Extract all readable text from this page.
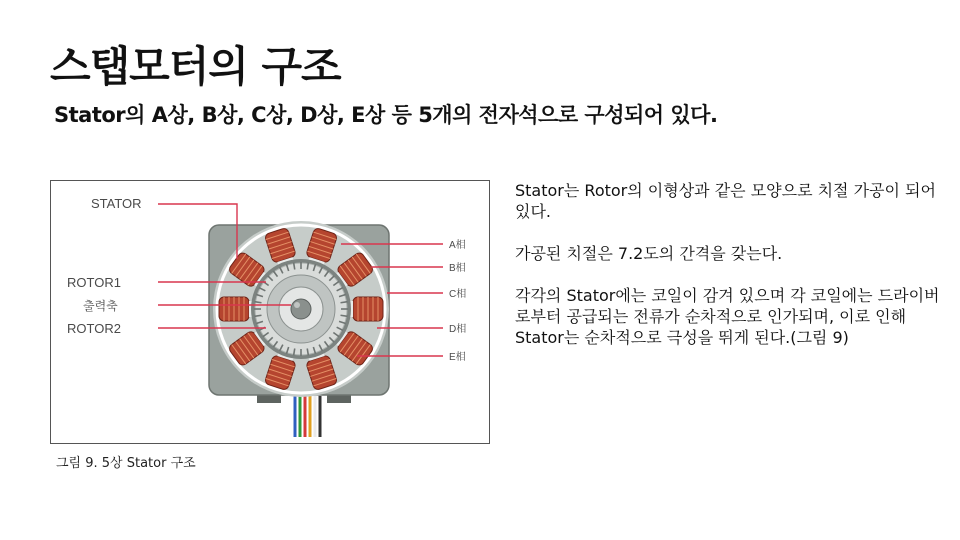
스탭모터의 구조
Stator의 A상, B상, C상, D상, E상 등 5개의 전자석으로 구성되어 있다.
STATOR
ROTOR1
출력축
ROTOR2
A相
B相
C相
D相
E相
그림 9. 5상 Stator 구조

Stator는 Rotor의 이형상과 같은 모양으로 치절 가공이 되어 있다.

가공된 치절은 7.2도의 간격을 갖는다.

각각의 Stator에는 코일이 감겨 있으며 각 코일에는 드라이버로부터 공급되는 전류가 순차적으로 인가되며, 이로 인해 Stator는 순차적으로 극성을 뛰게 된다.(그림 9)
